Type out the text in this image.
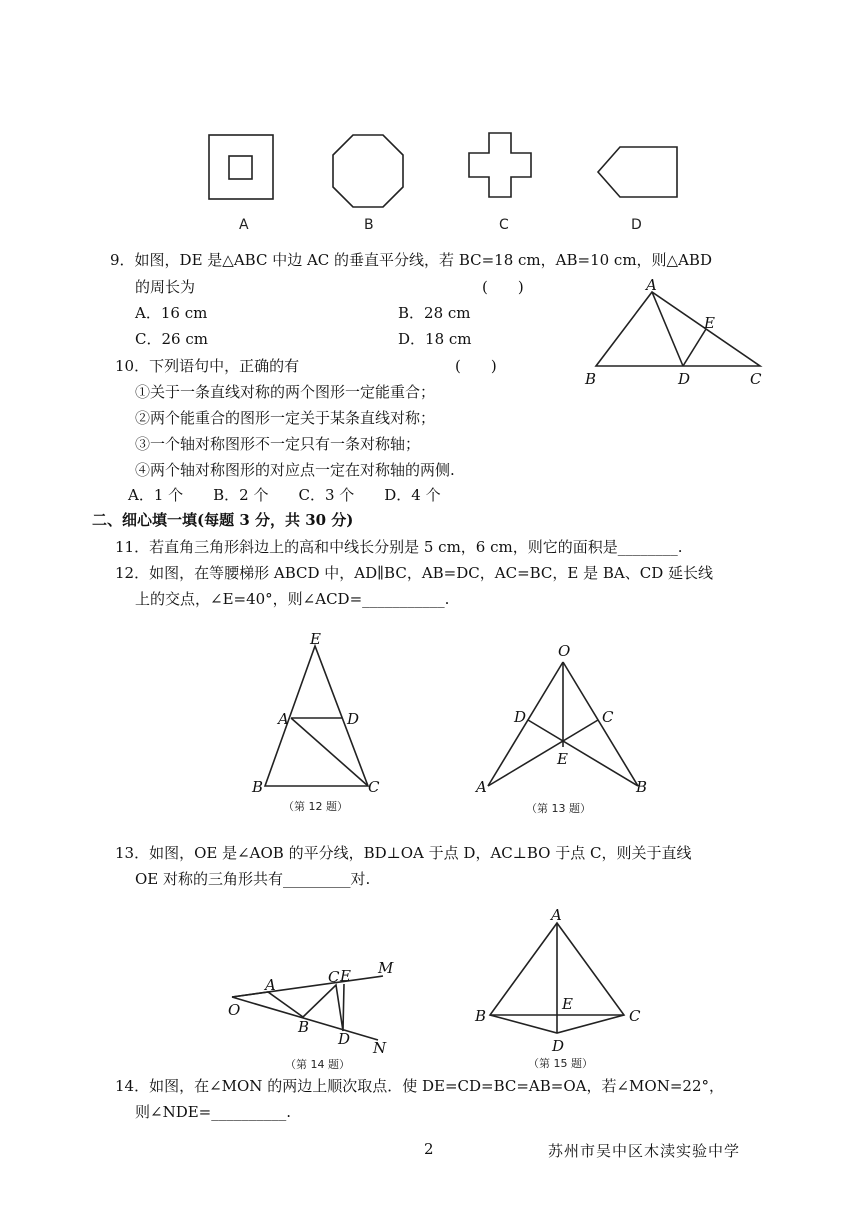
A	B	C	D
9．如图，DE 是△ABC 中边 AC 的垂直平分线，若 BC=18 cm，AB=10 cm，则△ABD
的周长为	(　　)
A．16 cm	B．28 cm
C．26 cm	D．18 cm
A
B	D	C
E
10．下列语句中，正确的有	(　　)
①关于一条直线对称的两个图形一定能重合；
②两个能重合的图形一定关于某条直线对称；
③一个轴对称图形不一定只有一条对称轴；
④两个轴对称图形的对应点一定在对称轴的两侧.
A．1 个　　B．2 个　　C．3 个　　D．4 个
二、细心填一填(每题 3 分，共 30 分)
11．若直角三角形斜边上的高和中线长分别是 5 cm，6 cm，则它的面积是________.
12．如图，在等腰梯形 ABCD 中，AD∥BC，AB=DC，AC=BC，E 是 BA、CD 延长线
上的交点，∠E=40°，则∠ACD=___________.
E
A	D
B	C
（第 12 题）
O
D	C
E
A	B
（第 13 题）
13．如图，OE 是∠AOB 的平分线，BD⊥OA 于点 D，AC⊥BO 于点 C，则关于直线
OE 对称的三角形共有_________对.
O
A
B
C E
D
M
N
（第 14 题）
A
B	C
E
D
（第 15 题）
14．如图，在∠MON 的两边上顺次取点．使 DE=CD=BC=AB=OA，若∠MON=22°，
则∠NDE=__________.
2	苏州市吴中区木渎实验中学
